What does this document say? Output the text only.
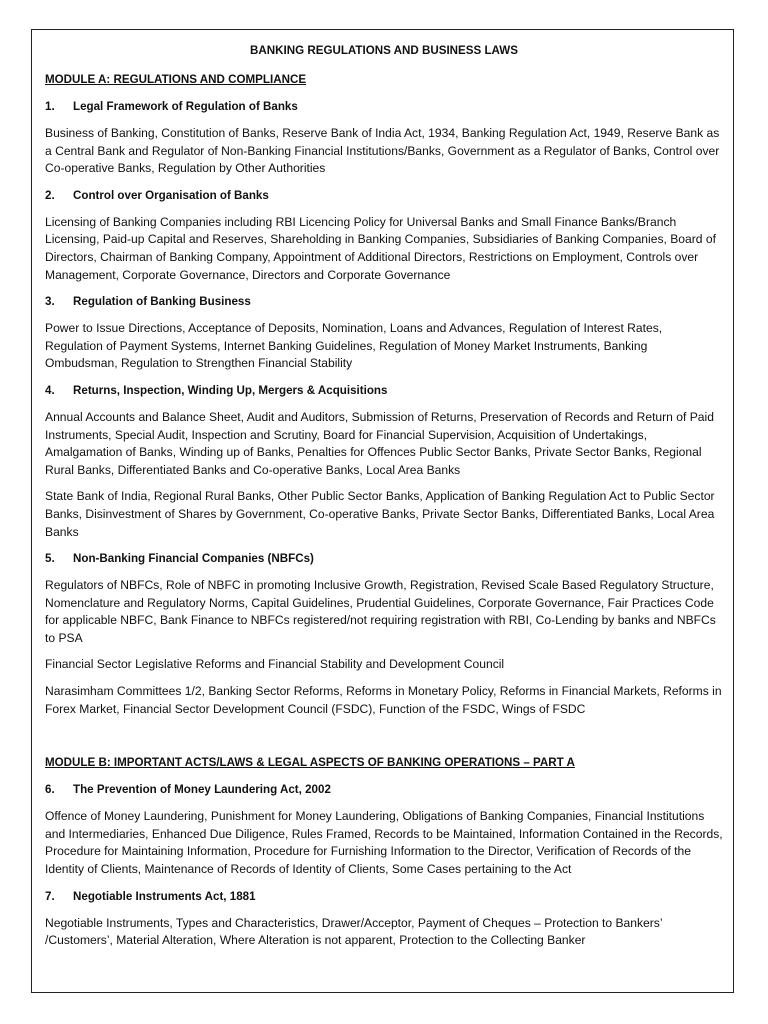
BANKING REGULATIONS AND BUSINESS LAWS
MODULE A: REGULATIONS AND COMPLIANCE
1.	Legal Framework of Regulation of Banks
Business of Banking, Constitution of Banks, Reserve Bank of India Act, 1934, Banking Regulation Act, 1949, Reserve Bank as a Central Bank and Regulator of Non-Banking Financial Institutions/Banks, Government as a Regulator of Banks, Control over Co-operative Banks, Regulation by Other Authorities
2.	Control over Organisation of Banks
Licensing of Banking Companies including RBI Licencing Policy for Universal Banks and Small Finance Banks/Branch Licensing, Paid-up Capital and Reserves, Shareholding in Banking Companies, Subsidiaries of Banking Companies, Board of Directors, Chairman of Banking Company, Appointment of Additional Directors, Restrictions on Employment, Controls over Management, Corporate Governance, Directors and Corporate Governance
3.	Regulation of Banking Business
Power to Issue Directions, Acceptance of Deposits, Nomination, Loans and Advances, Regulation of Interest Rates, Regulation of Payment Systems, Internet Banking Guidelines, Regulation of Money Market Instruments, Banking Ombudsman, Regulation to Strengthen Financial Stability
4.	Returns, Inspection, Winding Up, Mergers & Acquisitions
Annual Accounts and Balance Sheet, Audit and Auditors, Submission of Returns, Preservation of Records and Return of Paid Instruments, Special Audit, Inspection and Scrutiny, Board for Financial Supervision, Acquisition of Undertakings, Amalgamation of Banks, Winding up of Banks, Penalties for Offences Public Sector Banks, Private Sector Banks, Regional Rural Banks, Differentiated Banks and Co-operative Banks, Local Area Banks
State Bank of India, Regional Rural Banks, Other Public Sector Banks, Application of Banking Regulation Act to Public Sector Banks, Disinvestment of Shares by Government, Co-operative Banks, Private Sector Banks, Differentiated Banks, Local Area Banks
5.	Non-Banking Financial Companies (NBFCs)
Regulators of NBFCs, Role of NBFC in promoting Inclusive Growth, Registration, Revised Scale Based Regulatory Structure, Nomenclature and Regulatory Norms, Capital Guidelines, Prudential Guidelines, Corporate Governance, Fair Practices Code for applicable NBFC, Bank Finance to NBFCs registered/not requiring registration with RBI, Co-Lending by banks and NBFCs to PSA
Financial Sector Legislative Reforms and Financial Stability and Development Council
Narasimham Committees 1/2, Banking Sector Reforms, Reforms in Monetary Policy, Reforms in Financial Markets, Reforms in Forex Market, Financial Sector Development Council (FSDC), Function of the FSDC, Wings of FSDC
MODULE B: IMPORTANT ACTS/LAWS & LEGAL ASPECTS OF BANKING OPERATIONS – PART A
6.	The Prevention of Money Laundering Act, 2002
Offence of Money Laundering, Punishment for Money Laundering, Obligations of Banking Companies, Financial Institutions and Intermediaries, Enhanced Due Diligence, Rules Framed, Records to be Maintained, Information Contained in the Records, Procedure for Maintaining Information, Procedure for Furnishing Information to the Director, Verification of Records of the Identity of Clients, Maintenance of Records of Identity of Clients, Some Cases pertaining to the Act
7.	Negotiable Instruments Act, 1881
Negotiable Instruments, Types and Characteristics, Drawer/Acceptor, Payment of Cheques – Protection to Bankers’ /Customers’, Material Alteration, Where Alteration is not apparent, Protection to the Collecting Banker
